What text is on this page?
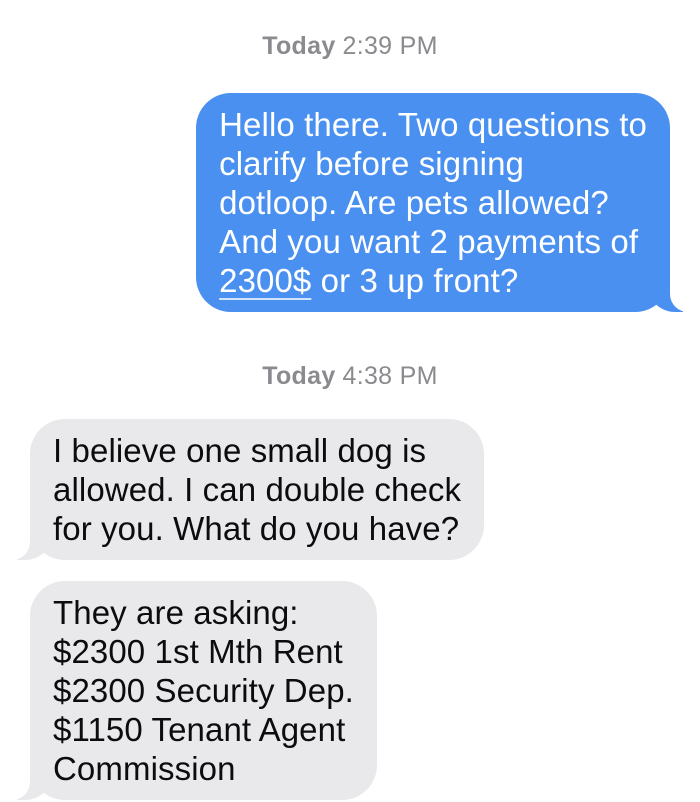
Today 2:39 PM
Hello there. Two questions to
clarify before signing
dotloop. Are pets allowed?
And you want 2 payments of
2300$ or 3 up front?
Today 4:38 PM
I believe one small dog is
allowed. I can double check
for you. What do you have?
They are asking:
$2300 1st Mth Rent
$2300 Security Dep.
$1150 Tenant Agent
Commission
